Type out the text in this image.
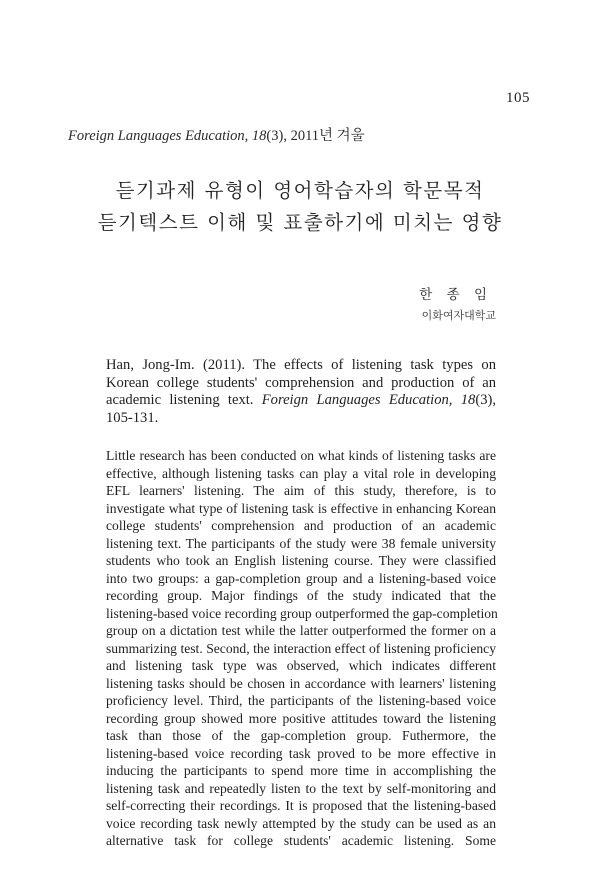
105
Foreign Languages Education, 18(3), 2011년 겨울

듣기과제 유형이 영어학습자의 학문목적

듣기텍스트 이해 및 표출하기에 미치는 영향

한 종 임
이화여자대학교
Han, Jong-Im. (2011). The effects of listening task types on Korean college students' comprehension and production of an academic listening text. Foreign Languages Education, 18(3), 105-131.
Little research has been conducted on what kinds of listening tasks are
effective, although listening tasks can play a vital role in developing
EFL learners' listening. The aim of this study, therefore, is to
investigate what type of listening task is effective in enhancing Korean
college students' comprehension and production of an academic
listening text. The participants of the study were 38 female university
students who took an English listening course. They were classified
into two groups: a gap-completion group and a listening-based voice
recording group. Major findings of the study indicated that the
listening-based voice recording group outperformed the gap-completion
group on a dictation test while the latter outperformed the former on a
summarizing test. Second, the interaction effect of listening proficiency
and listening task type was observed, which indicates different
listening tasks should be chosen in accordance with learners' listening
proficiency level. Third, the participants of the listening-based voice
recording group showed more positive attitudes toward the listening
task than those of the gap-completion group. Futhermore, the
listening-based voice recording task proved to be more effective in
inducing the participants to spend more time in accomplishing the
listening task and repeatedly listen to the text by self-monitoring and
self-correcting their recordings. It is proposed that the listening-based
voice recording task newly attempted by the study can be used as an
alternative task for college students' academic listening. Some
